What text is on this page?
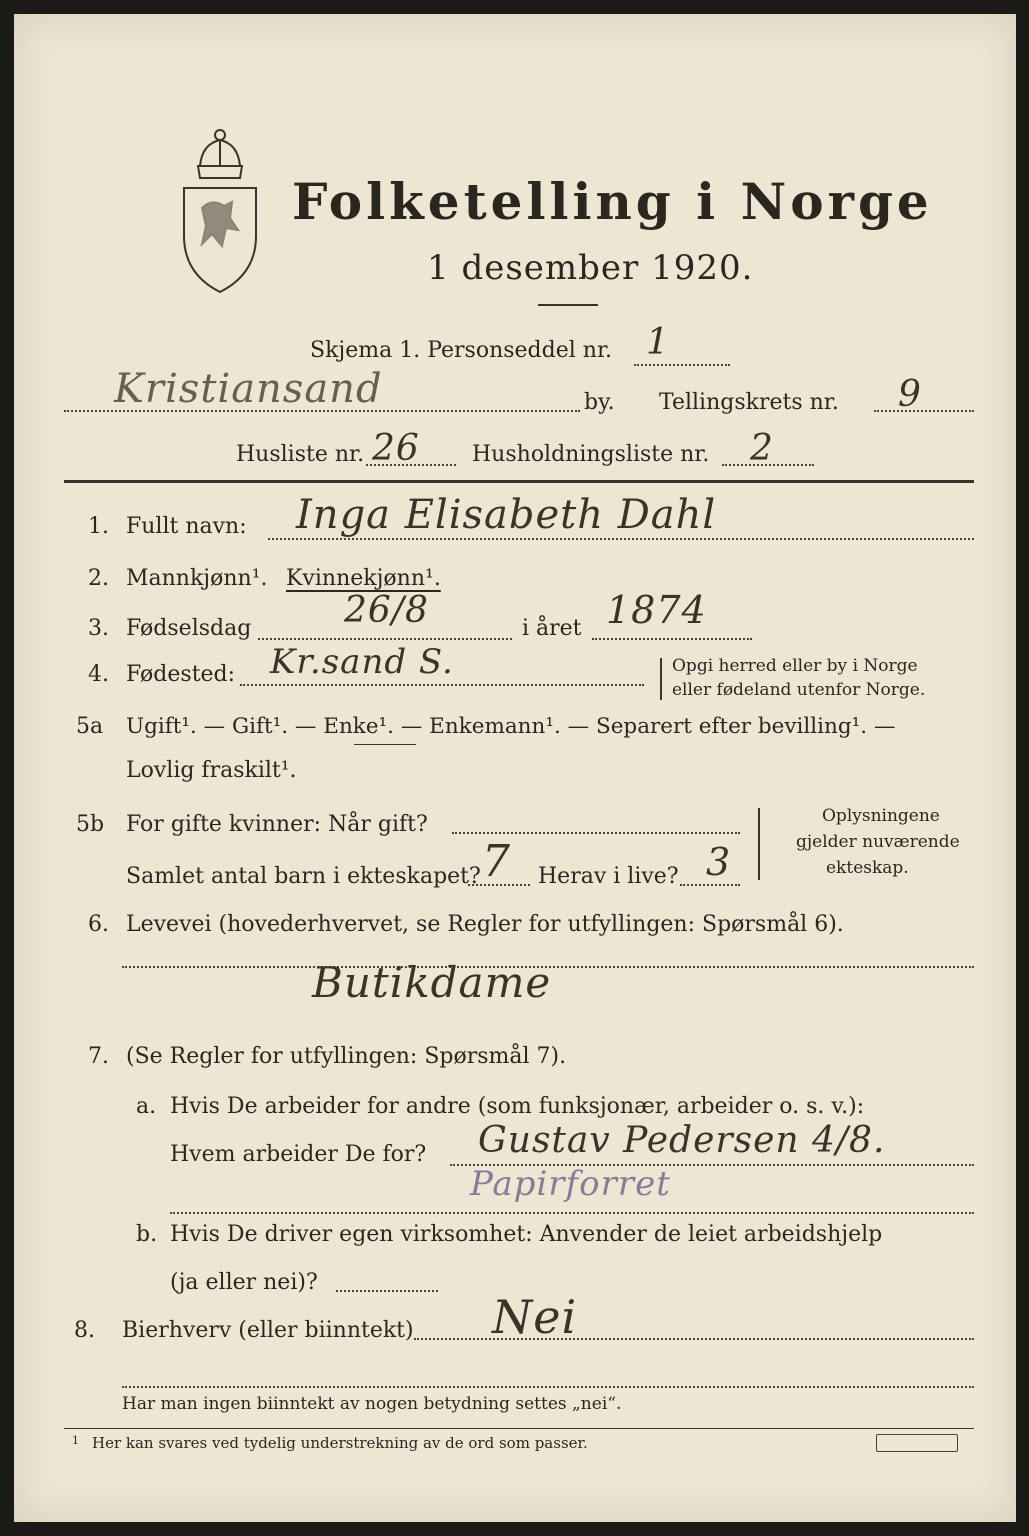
Folketelling i Norge
1 desember 1920.
Skjema 1. Personseddel nr. 1
Kristiansand	by. Tellingskrets nr. 9
Husliste nr. 26 Husholdningsliste nr. 2
1. Fullt navn: Inga Elisabeth Dahl
2. Mannkjønn¹. Kvinnekjønn¹.
3. Fødselsdag	26/8	i året 1874
4. Fødested: Kr.sand S.	Opgi herred eller by i Norge
eller fødeland utenfor Norge.
5a Ugift¹. — Gift¹. — Enke¹. — Enkemann¹. — Separert efter bevilling¹. —
Lovlig fraskilt¹.
5b For gifte kvinner: Når gift?
Samlet antal barn i ekteskapet? 7 Herav i live? 3
Oplysningene
gjelder nuværende
ekteskap.
6. Levevei (hovederhvervet, se Regler for utfyllingen: Spørsmål 6).
Butikdame
7. (Se Regler for utfyllingen: Spørsmål 7).
a. Hvis De arbeider for andre (som funksjonær, arbeider o. s. v.):
Hvem arbeider De for? Gustav Pedersen 4/8.
Papirforret
b. Hvis De driver egen virksomhet: Anvender de leiet arbeidshjelp
(ja eller nei)?
8. Bierhverv (eller biinntekt) Nei
Har man ingen biinntekt av nogen betydning settes „nei“.
1 Her kan svares ved tydelig understrekning av de ord som passer.
